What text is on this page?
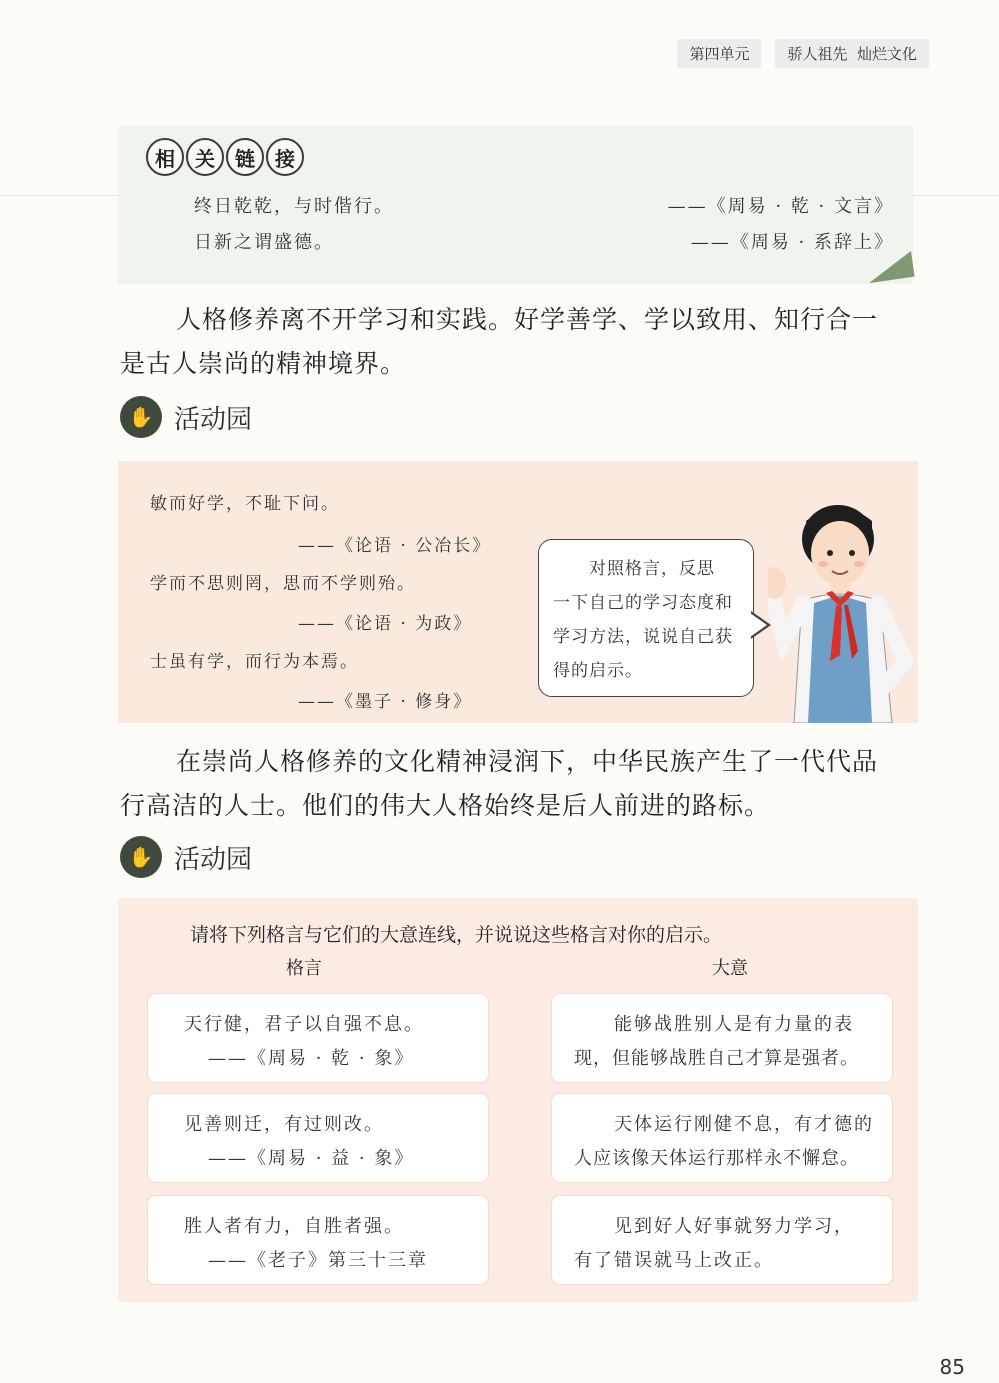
第四单元	骄人祖先  灿烂文化
相	关	链	接
终日乾乾，与时偕行。	——《周易 · 乾 · 文言》
日新之谓盛德。	——《周易 · 系辞上》
人格修养离不开学习和实践。好学善学、学以致用、知行合一
是古人崇尚的精神境界。
✋ 活动园
敏而好学，不耻下问。
——《论语 · 公冶长》
学而不思则罔，思而不学则殆。
——《论语 · 为政》
士虽有学，而行为本焉。
——《墨子 · 修身》
对照格言，反思
一下自己的学习态度和
学习方法，说说自己获
得的启示。
在崇尚人格修养的文化精神浸润下，中华民族产生了一代代品
行高洁的人士。他们的伟大人格始终是后人前进的路标。
✋ 活动园
请将下列格言与它们的大意连线，并说说这些格言对你的启示。
格言	大意
天行健，君子以自强不息。
——《周易 · 乾 · 象》
见善则迁，有过则改。
——《周易 · 益 · 象》
胜人者有力，自胜者强。
——《老子》第三十三章
能够战胜别人是有力量的表
现，但能够战胜自己才算是强者。
天体运行刚健不息，有才德的
人应该像天体运行那样永不懈怠。
见到好人好事就努力学习，
有了错误就马上改正。
85
